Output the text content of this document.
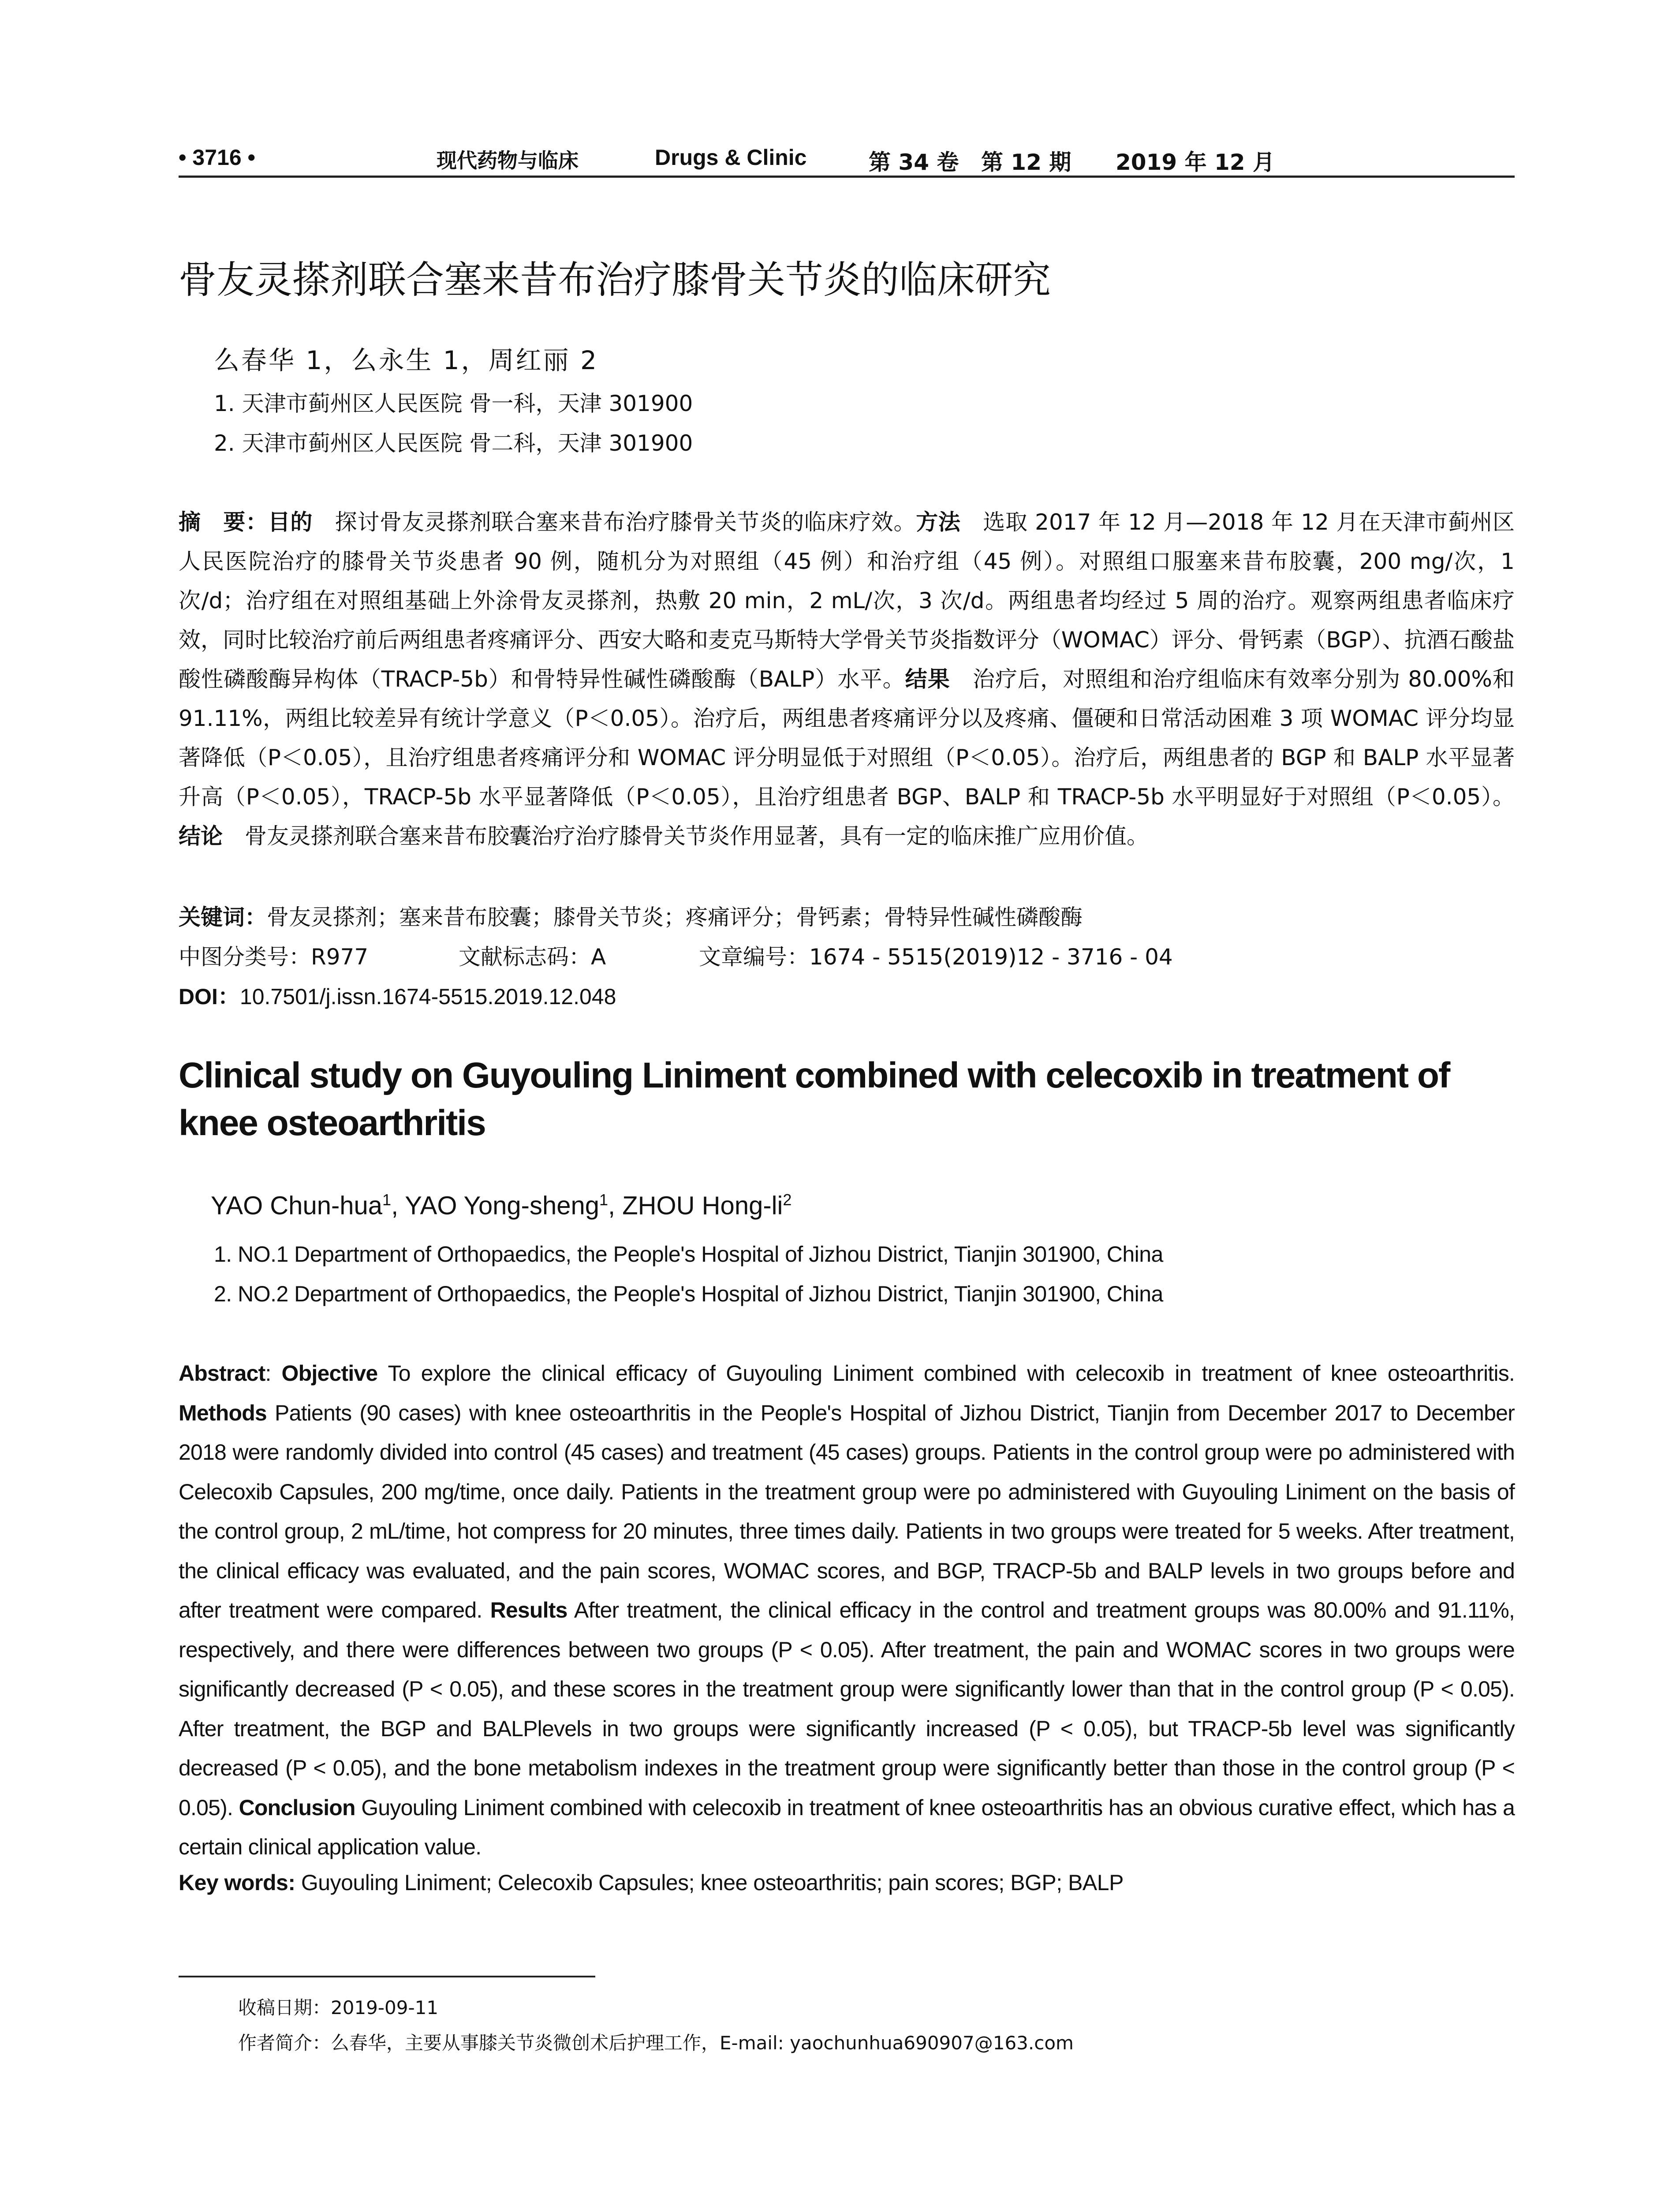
• 3716 •	现代药物与临床	Drugs & Clinic	第 34 卷 第 12 期 2019 年 12 月
骨友灵搽剂联合塞来昔布治疗膝骨关节炎的临床研究
么春华 1，么永生 1，周红丽 2
1. 天津市蓟州区人民医院 骨一科，天津 301900
2. 天津市蓟州区人民医院 骨二科，天津 301900
摘　要：目的　探讨骨友灵搽剂联合塞来昔布治疗膝骨关节炎的临床疗效。方法　选取 2017 年 12 月—2018 年 12 月在天津市蓟州区人民医院治疗的膝骨关节炎患者 90 例，随机分为对照组（45 例）和治疗组（45 例）。对照组口服塞来昔布胶囊，200 mg/次，1 次/d；治疗组在对照组基础上外涂骨友灵搽剂，热敷 20 min，2 mL/次，3 次/d。两组患者均经过 5 周的治疗。观察两组患者临床疗效，同时比较治疗前后两组患者疼痛评分、西安大略和麦克马斯特大学骨关节炎指数评分（WOMAC）评分、骨钙素（BGP）、抗酒石酸盐酸性磷酸酶异构体（TRACP-5b）和骨特异性碱性磷酸酶（BALP）水平。结果　治疗后，对照组和治疗组临床有效率分别为 80.00%和 91.11%，两组比较差异有统计学意义（P＜0.05）。治疗后，两组患者疼痛评分以及疼痛、僵硬和日常活动困难 3 项 WOMAC 评分均显著降低（P＜0.05），且治疗组患者疼痛评分和 WOMAC 评分明显低于对照组（P＜0.05）。治疗后，两组患者的 BGP 和 BALP 水平显著升高（P＜0.05），TRACP-5b 水平显著降低（P＜0.05），且治疗组患者 BGP、BALP 和 TRACP-5b 水平明显好于对照组（P＜0.05）。结论　骨友灵搽剂联合塞来昔布胶囊治疗治疗膝骨关节炎作用显著，具有一定的临床推广应用价值。
关键词：骨友灵搽剂；塞来昔布胶囊；膝骨关节炎；疼痛评分；骨钙素；骨特异性碱性磷酸酶
中图分类号：R977	文献标志码：A	文章编号：1674 - 5515(2019)12 - 3716 - 04
DOI：10.7501/j.issn.1674-5515.2019.12.048
Clinical study on Guyouling Liniment combined with celecoxib in treatment of knee osteoarthritis
YAO Chun-hua$^1$, YAO Yong-sheng$^1$, ZHOU Hong-$li^2$
1. NO.1 Department of Orthopaedics, the People's Hospital of Jizhou District, Tianjin 301900, China
2. NO.2 Department of Orthopaedics, the People's Hospital of Jizhou District, Tianjin 301900, China
Abstract: Objective To explore the clinical efficacy of Guyouling Liniment combined with celecoxib in treatment of knee osteoarthritis. Methods Patients (90 cases) with knee osteoarthritis in the People's Hospital of Jizhou District, Tianjin from December 2017 to December 2018 were randomly divided into control (45 cases) and treatment (45 cases) groups. Patients in the control group were po administered with Celecoxib Capsules, 200 mg/time, once daily. Patients in the treatment group were po administered with Guyouling Liniment on the basis of the control group, 2 mL/time, hot compress for 20 minutes, three times daily. Patients in two groups were treated for 5 weeks. After treatment, the clinical efficacy was evaluated, and the pain scores, WOMAC scores, and BGP, TRACP-5b and BALP levels in two groups before and after treatment were compared. Results After treatment, the clinical efficacy in the control and treatment groups was 80.00% and 91.11%, respectively, and there were differences between two groups (P < 0.05). After treatment, the pain and WOMAC scores in two groups were significantly decreased (P < 0.05), and these scores in the treatment group were significantly lower than that in the control group (P < 0.05). After treatment, the BGP and BALPlevels in two groups were significantly increased (P < 0.05), but TRACP-5b level was significantly decreased (P < 0.05), and the bone metabolism indexes in the treatment group were significantly better than those in the control group (P < 0.05). Conclusion Guyouling Liniment combined with celecoxib in treatment of knee osteoarthritis has an obvious curative effect, which has a certain clinical application value.
Key words: Guyouling Liniment; Celecoxib Capsules; knee osteoarthritis; pain scores; BGP; BALP
收稿日期：2019-09-11
作者简介：么春华，主要从事膝关节炎微创术后护理工作，E-mail: yaochunhua690907@163.com
